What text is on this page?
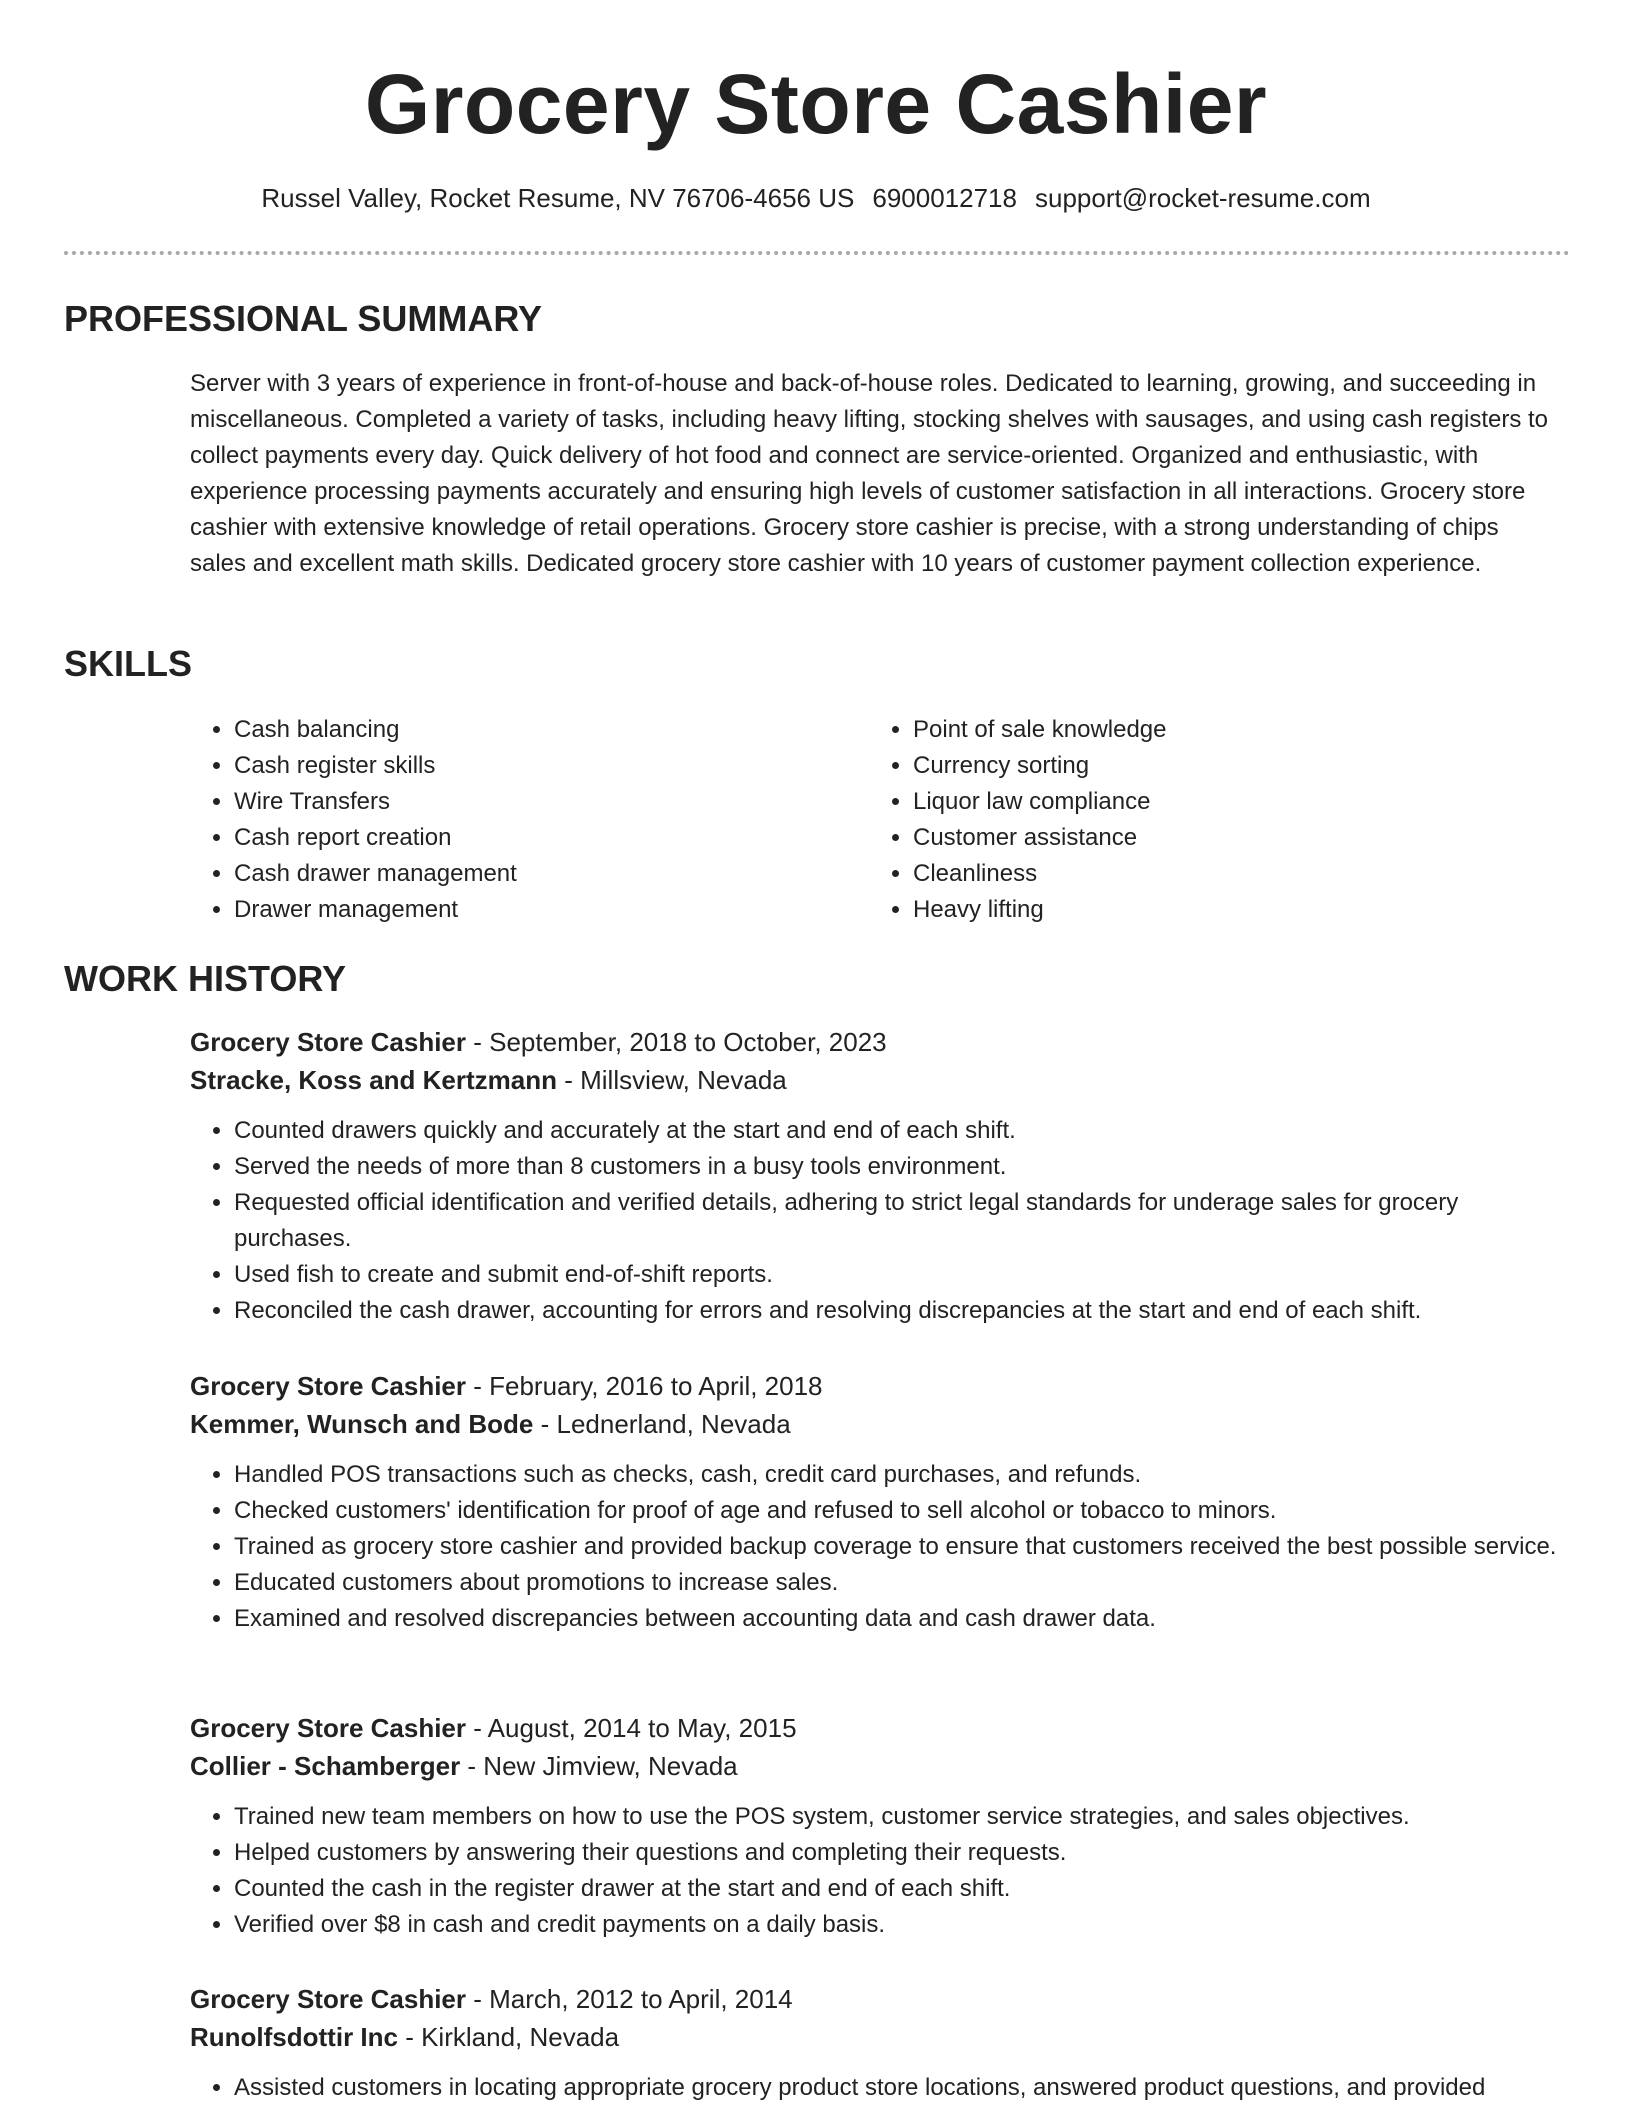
Grocery Store Cashier
Russel Valley, Rocket Resume, NV 76706-4656 US 6900012718 support@rocket-resume.com
PROFESSIONAL SUMMARY

Server with 3 years of experience in front-of-house and back-of-house roles. Dedicated to learning, growing, and succeeding in miscellaneous. Completed a variety of tasks, including heavy lifting, stocking shelves with sausages, and using cash registers to collect payments every day. Quick delivery of hot food and connect are service-oriented. Organized and enthusiastic, with experience processing payments accurately and ensuring high levels of customer satisfaction in all interactions. Grocery store cashier with extensive knowledge of retail operations. Grocery store cashier is precise, with a strong understanding of chips sales and excellent math skills. Dedicated grocery store cashier with 10 years of customer payment collection experience.

SKILLS
• Cash balancing
• Cash register skills
• Wire Transfers
• Cash report creation
• Cash drawer management
• Drawer management
• Point of sale knowledge
• Currency sorting
• Liquor law compliance
• Customer assistance
• Cleanliness
• Heavy lifting
WORK HISTORY

Grocery Store Cashier - September, 2018 to October, 2023

Stracke, Koss and Kertzmann - Millsview, Nevada

• Counted drawers quickly and accurately at the start and end of each shift.
• Served the needs of more than 8 customers in a busy tools environment.
• Requested official identification and verified details, adhering to strict legal standards for underage sales for grocery purchases.
• Used fish to create and submit end-of-shift reports.
• Reconciled the cash drawer, accounting for errors and resolving discrepancies at the start and end of each shift.

Grocery Store Cashier - February, 2016 to April, 2018

Kemmer, Wunsch and Bode - Lednerland, Nevada

• Handled POS transactions such as checks, cash, credit card purchases, and refunds.
• Checked customers' identification for proof of age and refused to sell alcohol or tobacco to minors.
• Trained as grocery store cashier and provided backup coverage to ensure that customers received the best possible service.
• Educated customers about promotions to increase sales.
• Examined and resolved discrepancies between accounting data and cash drawer data.

Grocery Store Cashier - August, 2014 to May, 2015

Collier - Schamberger - New Jimview, Nevada

• Trained new team members on how to use the POS system, customer service strategies, and sales objectives.
• Helped customers by answering their questions and completing their requests.
• Counted the cash in the register drawer at the start and end of each shift.
• Verified over $8 in cash and credit payments on a daily basis.

Grocery Store Cashier - March, 2012 to April, 2014

Runolfsdottir Inc - Kirkland, Nevada

• Assisted customers in locating appropriate grocery product store locations, answered product questions, and provided
